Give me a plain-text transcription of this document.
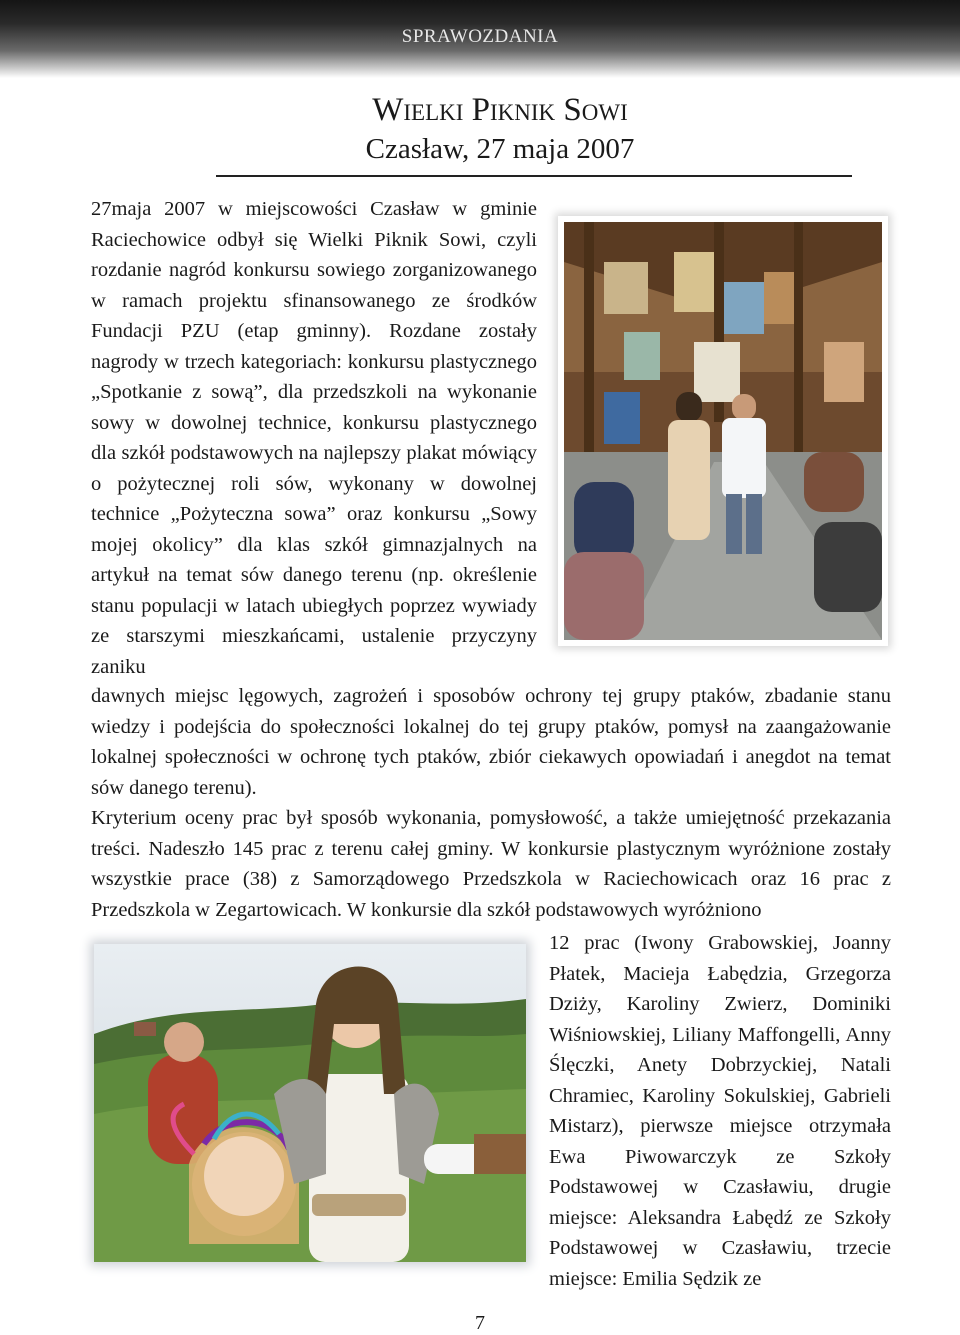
SPRAWOZDANIA
Wielki Piknik Sowi
Czasław, 27 maja 2007

27maja 2007 w miejscowości Czasław w gminie Raciechowice odbył się Wielki Piknik Sowi, czyli rozdanie nagród konkursu sowiego zorganizowanego w ramach projektu sfinansowanego ze środków Fundacji PZU (etap gminny). Rozdane zostały nagrody w trzech kategoriach: konkursu plastycznego „Spotkanie z sową”, dla przedszkoli na wykonanie sowy w dowolnej technice, konkursu plastycznego dla szkół podstawowych na najlepszy plakat mówiący o pożytecznej roli sów, wykonany w dowolnej technice „Pożyteczna sowa” oraz konkursu „Sowy mojej okolicy” dla klas szkół gimnazjalnych na artykuł na temat sów danego terenu (np. określenie stanu populacji w latach ubiegłych poprzez wywiady ze starszymi mieszkańcami, ustalenie przyczyny zaniku

dawnych miejsc lęgowych, zagrożeń i sposobów ochrony tej grupy ptaków, zbadanie stanu wiedzy i podejścia do społeczności lokalnej do tej grupy ptaków, pomysł na zaangażowanie lokalnej społeczności w ochronę tych ptaków, zbiór ciekawych opowiadań i anegdot na temat sów danego terenu).

Kryterium oceny prac był sposób wykonania, pomysłowość, a także umiejętność przekazania treści. Nadeszło 145 prac z terenu całej gminy. W konkursie plastycznym wyróżnione zostały wszystkie prace (38) z Samorządowego Przedszkola w Raciechowicach oraz 16 prac z Przedszkola w Zegartowicach. W konkursie dla szkół podstawowych wyróżniono

12 prac (Iwony Grabowskiej, Joanny Płatek, Macieja Łabędzia, Grzegorza Dziży, Karoliny Zwierz, Dominiki Wiśniowskiej, Liliany Maffongelli, Anny Ślęczki, Anety Dobrzyckiej, Natali Chramiec, Karoliny Sokulskiej, Gabrieli Mistarz), pierwsze miejsce otrzymała Ewa Piwowarczyk ze Szkoły Podstawowej w Czasławiu, drugie miejsce: Aleksandra Łabędź ze Szkoły Podstawowej w Czasławiu, trzecie miejsce: Emilia Sędzik ze

7
